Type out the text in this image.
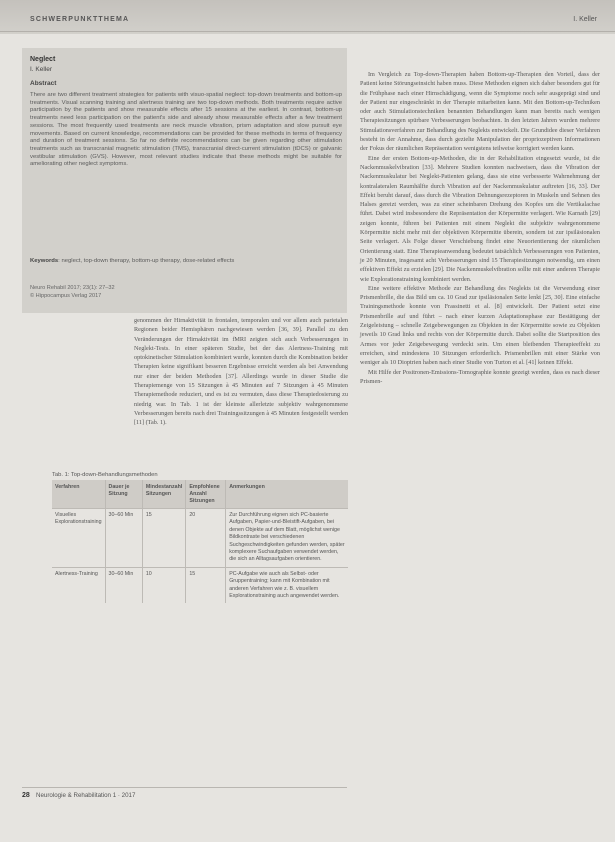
SCHWERPUNKTTHEMA	I. Keller
Neglect
I. Keller
Abstract
There are two different treatment strategies for patients with visuo-spatial neglect: top-down treatments and bottom-up treatments. Visual scanning training and alertness training are two top-down methods. Both treatments require active participation by the patients and show measurable effects after 15 sessions at the earliest. In contrast, bottom-up treatments need less participation on the patient's side and already show measurable effects after a few treatment sessions. The most frequently used treatments are neck muscle vibration, prism adaptation and slow pursuit eye movements. Based on current knowledge, recommendations can be provided for these methods in terms of frequency and duration of treatment sessions. So far no definite recommendations can be given regarding other stimulation treatments such as transcranial magnetic stimulation (TMS), transcranial direct-current stimulation (tDCS) or galvanic vestibular stimulation (GVS). However, most relevant studies indicate that these methods might be suitable for ameliorating other neglect symptoms.
Keywords: neglect, top-down therapy, bottom-up therapy, dose-related effects
Neuro Rehabil 2017; 23(1): 27–32
© Hippocampus Verlag 2017

genommen der Hirnaktivität in frontalen, temporalen und vor allem auch parietalen Regionen beider Hemisphären nachgewiesen werden [36, 39]. Parallel zu den Veränderungen der Hirnaktivität im fMRI zeigten sich auch Verbesserungen in Neglekt-Tests. In einer späteren Studie, bei der das Alertness-Training mit optokinetischer Stimulation kombiniert wurde, konnten durch die Kombination beider Therapien keine signifikant besseren Ergebnisse erreicht werden als bei Anwendung nur einer der beiden Methoden [37]. Allerdings wurde in dieser Studie die Therapiemenge von 15 Sitzungen à 45 Minuten auf 7 Sitzungen à 45 Minuten Therapiemethode reduziert, und es ist zu vermuten, dass diese Therapiedosierung zu niedrig war. In Tab. 1 ist der kleinste allerletzte subjektiv wahrgenommene Verbesserungen bereits nach drei Trainingssitzungen à 45 Minuten festgestellt werden [11] (Tab. 1).

Tab. 1: Top-down-Behandlungsmethoden
Verfahren	Dauer je Sitzung	Mindestanzahl Sitzungen	Empfohlene Anzahl Sitzungen	Anmerkungen
Visuelles Explorationstraining	30–60 Min	15	20	Zur Durchführung eignen sich PC-basierte Aufgaben, Papier-und-Bleistift-Aufgaben, bei denen Objekte auf dem Blatt, möglichst wenige Bildkontraste bei verschiedenen Suchgeschwindigkeiten gefunden werden, später komplexere Suchaufgaben verwendet werden, die sich an Alltagsaufgaben orientieren.
Alertness-Training	30–60 Min	10	15	PC-Aufgabe wie auch als Selbst- oder Gruppentraining; kann mit Kombination mit anderen Verfahren wie z. B. visuellem Explorationstraining auch angewendet werden.

Im Vergleich zu Top-down-Therapien haben Bottom-up-Therapien den Vorteil, dass der Patient keine Störungseinsicht haben muss. Diese Methoden eignen sich daher besonders gut für die Frühphase nach einer Hirnschädigung, wenn die Symptome noch sehr ausgeprägt sind und der Patient nur eingeschränkt in der Therapie mitarbeiten kann. Mit den Bottom-up-Techniken oder auch Stimulationstechniken benannten Behandlungen kann man bereits nach wenigen Therapiesitzungen spürbare Verbesserungen beobachten. In den letzten Jahren wurden mehrere Stimulationsverfahren zur Behandlung des Neglekts entwickelt. Die Grundidee dieser Verfahren besteht in der Annahme, dass durch gezielte Manipulation der propriozeptiven Informationen der Fokus der räumlichen Repräsentation wenigstens teilweise korrigiert werden kann.

Eine der ersten Bottom-up-Methoden, die in der Rehabilitation eingesetzt wurde, ist die Nackenmuskelvibration [33]. Mehrere Studien konnten nachweisen, dass die Vibration der Nackenmuskulatur bei Neglekt-Patienten gelang, dass sie eine verbesserte Wahrnehmung der kontralateralen Raumhälfte durch Vibration auf der Nackenmuskulatur auftreten [16, 33]. Der Effekt beruht darauf, dass durch die Vibration Dehnungsrezeptoren in Muskeln und Sehnen des Halses gereizt werden, was zu einer scheinbaren Drehung des Kopfes um die Vertikalachse führt. Dabei wird insbesondere die Repräsentation der Körpermitte verlagert. Wie Karnath [29] zeigen konnte, führen bei Patienten mit einem Neglekt die subjektiv wahrgenommene Körpermitte nicht mehr mit der objektiven Körpermitte überein, sondern ist zur ipsiläsionalen Seite verlagert. Als Folge dieser Verschiebung findet eine Neuorientierung der räumlichen Orientierung statt. Eine Therapieanwendung bedeutet tatsächlich Verbesserungen von Patienten, je 20 Minuten, insgesamt acht Verbesserungen sind 15 Therapiesitzungen notwendig, um einen effektiven Effekt zu erzielen [29]. Die Nackenmuskelvibration sollte mit einer anderen Therapie wie Explorationstraining kombiniert werden.

Eine weitere effektive Methode zur Behandlung des Neglekts ist die Verwendung einer Prismenbrille, die das Bild um ca. 10 Grad zur ipsiläsionalen Seite lenkt [25, 30]. Eine einfache Trainingsmethode konnte von Frassinetti et al. [8] entwickelt. Der Patient setzt eine Prismenbrille auf und führt – nach einer kurzen Adaptationsphase zur Bestätigung der Zeigeleistung – schnelle Zeigebewegungen zu Objekten in der Körpermitte sowie zu Objekten jeweils 10 Grad links und rechts von der Körpermitte durch. Dabei sollte die Startposition des Armes vor jeder Zeigebewegung verdeckt sein. Um einen bleibenden Therapieeffekt zu erreichen, sind mindestens 10 Sitzungen erforderlich. Prismenbrillen mit einer Stärke von weniger als 10 Dioptrien haben nach einer Studie von Turton et al. [41] keinen Effekt.

Mit Hilfe der Positronen-Emissions-Tomographie konnte gezeigt werden, dass es nach dieser Prismen-

28 Neurologie & Rehabilitation 1 · 2017
